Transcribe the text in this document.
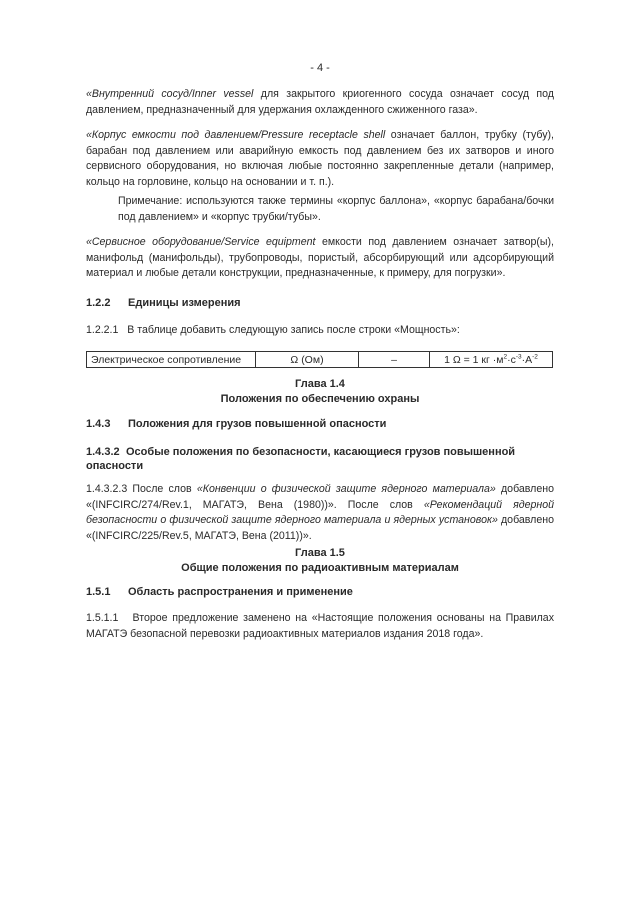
- 4 -
«Внутренний сосуд/Inner vessel для закрытого криогенного сосуда означает сосуд под давлением, предназначенный для удержания охлажденного сжиженного газа».
«Корпус емкости под давлением/Pressure receptacle shell означает баллон, трубку (тубу), барабан под давлением или аварийную емкость под давлением без их затворов и иного сервисного оборудования, но включая любые постоянно закрепленные детали (например, кольцо на горловине, кольцо на основании и т. п.).
Примечание: используются также термины «корпус баллона», «корпус барабана/бочки под давлением» и «корпус трубки/тубы».
«Сервисное оборудование/Service equipment емкости под давлением означает затвор(ы), манифольд (манифольды), трубопроводы, пористый, абсорбирующий или адсорбирующий материал и любые детали конструкции, предназначенные, к примеру, для погрузки».
1.2.2 Единицы измерения
1.2.2.1 В таблице добавить следующую запись после строки «Мощность»:
Электрическое сопротивление	Ω (Ом)	–	1 Ω = 1 кг $\cdot м^2\cdot с^{-3}\cdot А^{-2}$
Глава 1.4
Положения по обеспечению охраны
1.4.3 Положения для грузов повышенной опасности
1.4.3.2 Особые положения по безопасности, касающиеся грузов повышенной опасности
1.4.3.2.3 После слов «Конвенции о физической защите ядерного материала» добавлено «(INFCIRC/274/Rev.1, МАГАТЭ, Вена (1980))». После слов «Рекомендаций ядерной безопасности о физической защите ядерного материала и ядерных установок» добавлено «(INFCIRC/225/Rev.5, МАГАТЭ, Вена (2011))».
Глава 1.5
Общие положения по радиоактивным материалам
1.5.1 Область распространения и применение
1.5.1.1 Второе предложение заменено на «Настоящие положения основаны на Правилах МАГАТЭ безопасной перевозки радиоактивных материалов издания 2018 года».
